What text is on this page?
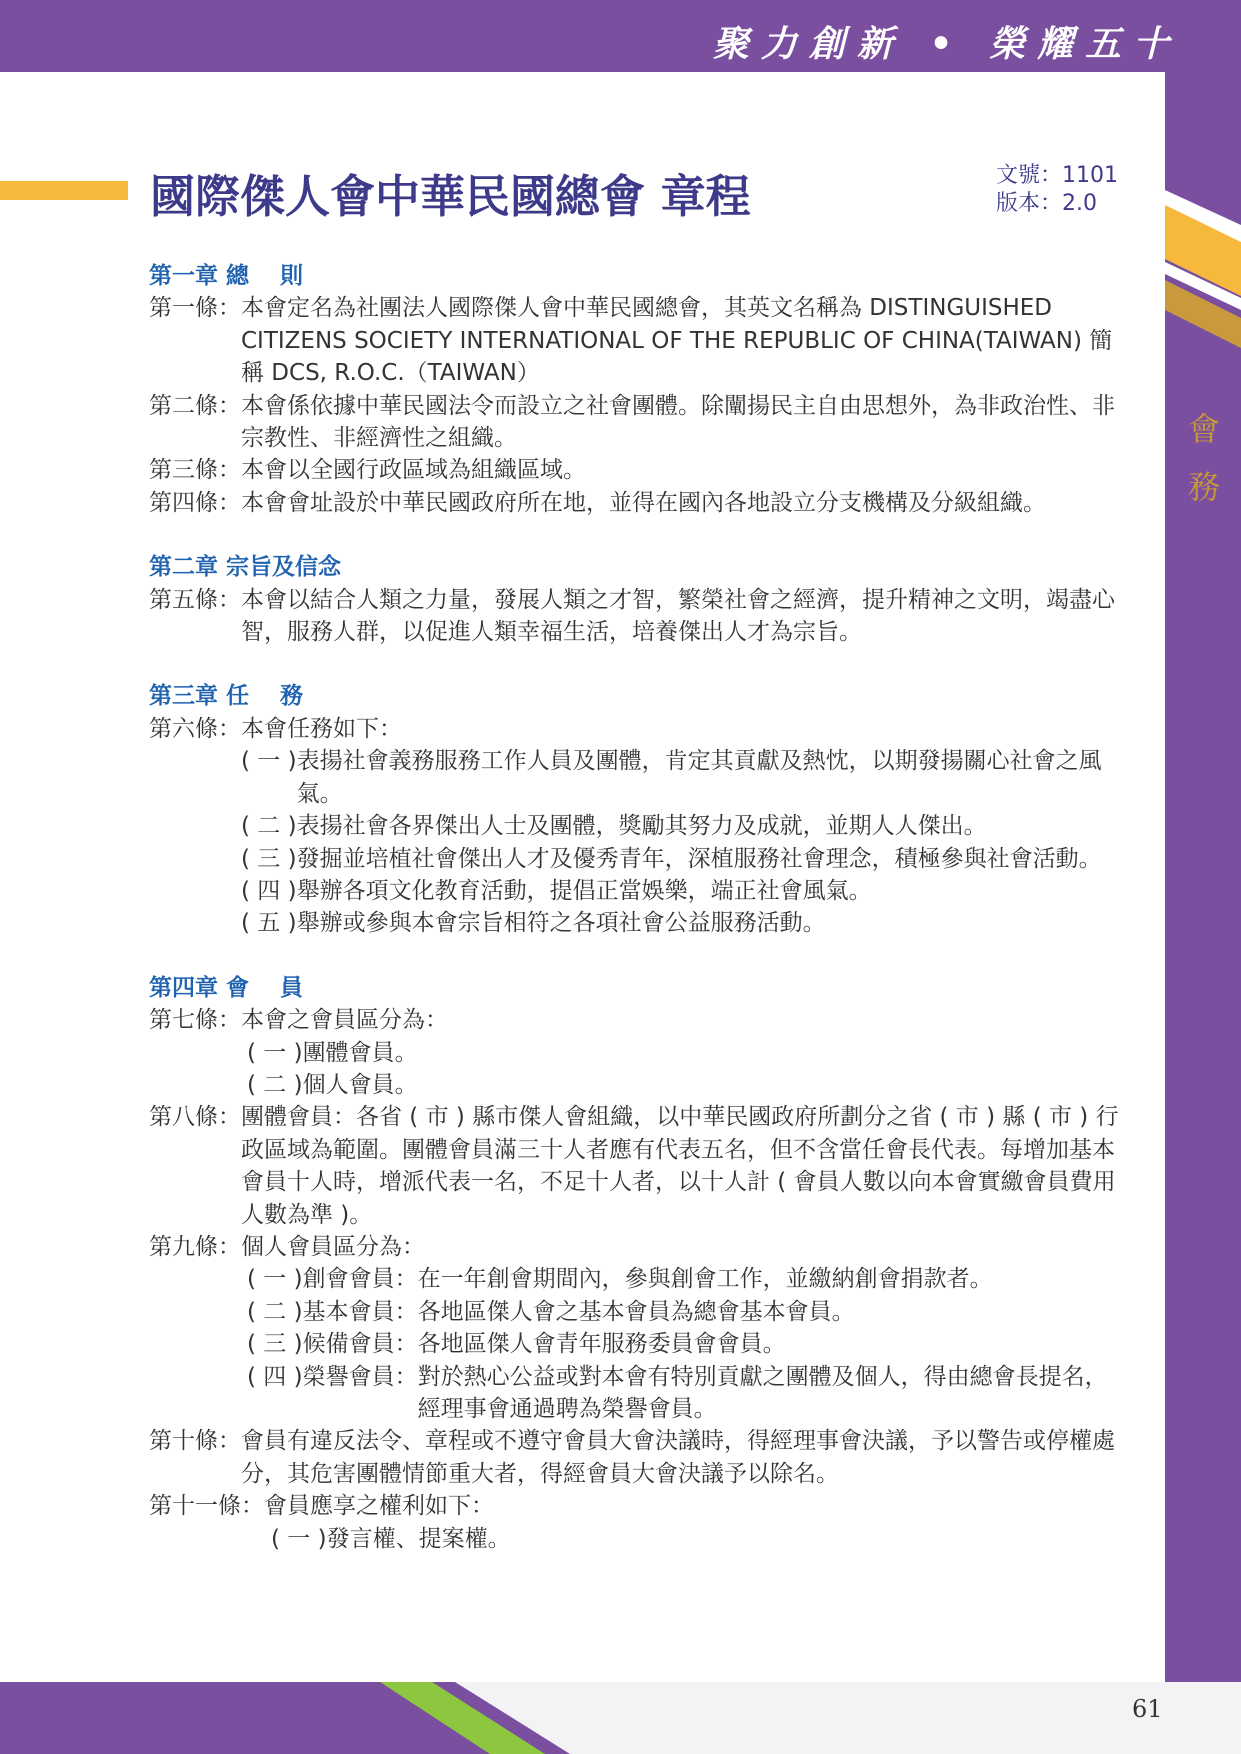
聚力創新 • 榮耀五十
會
務
國際傑人會中華民國總會 章程	文號：1101
版本：2.0
第一章 總　 則
第一條： 本會定名為社團法人國際傑人會中華民國總會，其英文名稱為 DISTINGUISHED CITIZENS SOCIETY INTERNATIONAL OF THE REPUBLIC OF CHINA(TAIWAN) 簡稱 DCS, R.O.C.（TAIWAN）
第二條： 本會係依據中華民國法令而設立之社會團體。除闡揚民主自由思想外，為非政治性、非宗教性、非經濟性之組織。
第三條： 本會以全國行政區域為組織區域。
第四條： 本會會址設於中華民國政府所在地，並得在國內各地設立分支機構及分級組織。
第二章 宗旨及信念
第五條： 本會以結合人類之力量，發展人類之才智，繁榮社會之經濟，提升精神之文明，竭盡心智，服務人群，以促進人類幸福生活，培養傑出人才為宗旨。
第三章 任　 務
第六條： 本會任務如下：
( 一 ) 表揚社會義務服務工作人員及團體，肯定其貢獻及熱忱，以期發揚關心社會之風氣。
( 二 ) 表揚社會各界傑出人士及團體，獎勵其努力及成就，並期人人傑出。
( 三 ) 發掘並培植社會傑出人才及優秀青年，深植服務社會理念，積極參與社會活動。
( 四 ) 舉辦各項文化教育活動，提倡正當娛樂，端正社會風氣。
( 五 ) 舉辦或參與本會宗旨相符之各項社會公益服務活動。
第四章 會　 員
第七條： 本會之會員區分為：
( 一 ) 團體會員。
( 二 ) 個人會員。
第八條： 團體會員：各省 ( 市 ) 縣市傑人會組織，以中華民國政府所劃分之省 ( 市 ) 縣 ( 市 ) 行政區域為範圍。團體會員滿三十人者應有代表五名，但不含當任會長代表。每增加基本會員十人時，增派代表一名，不足十人者，以十人計 ( 會員人數以向本會實繳會員費用人數為準 )。
第九條： 個人會員區分為：
( 一 ) 創會會員： 在一年創會期間內，參與創會工作，並繳納創會捐款者。
( 二 ) 基本會員： 各地區傑人會之基本會員為總會基本會員。
( 三 ) 候備會員： 各地區傑人會青年服務委員會會員。
( 四 ) 榮譽會員： 對於熱心公益或對本會有特別貢獻之團體及個人，得由總會長提名，經理事會通過聘為榮譽會員。
第十條： 會員有違反法令、章程或不遵守會員大會決議時，得經理事會決議，予以警告或停權處分，其危害團體情節重大者，得經會員大會決議予以除名。
第十一條： 會員應享之權利如下：
( 一 ) 發言權、提案權。
61
